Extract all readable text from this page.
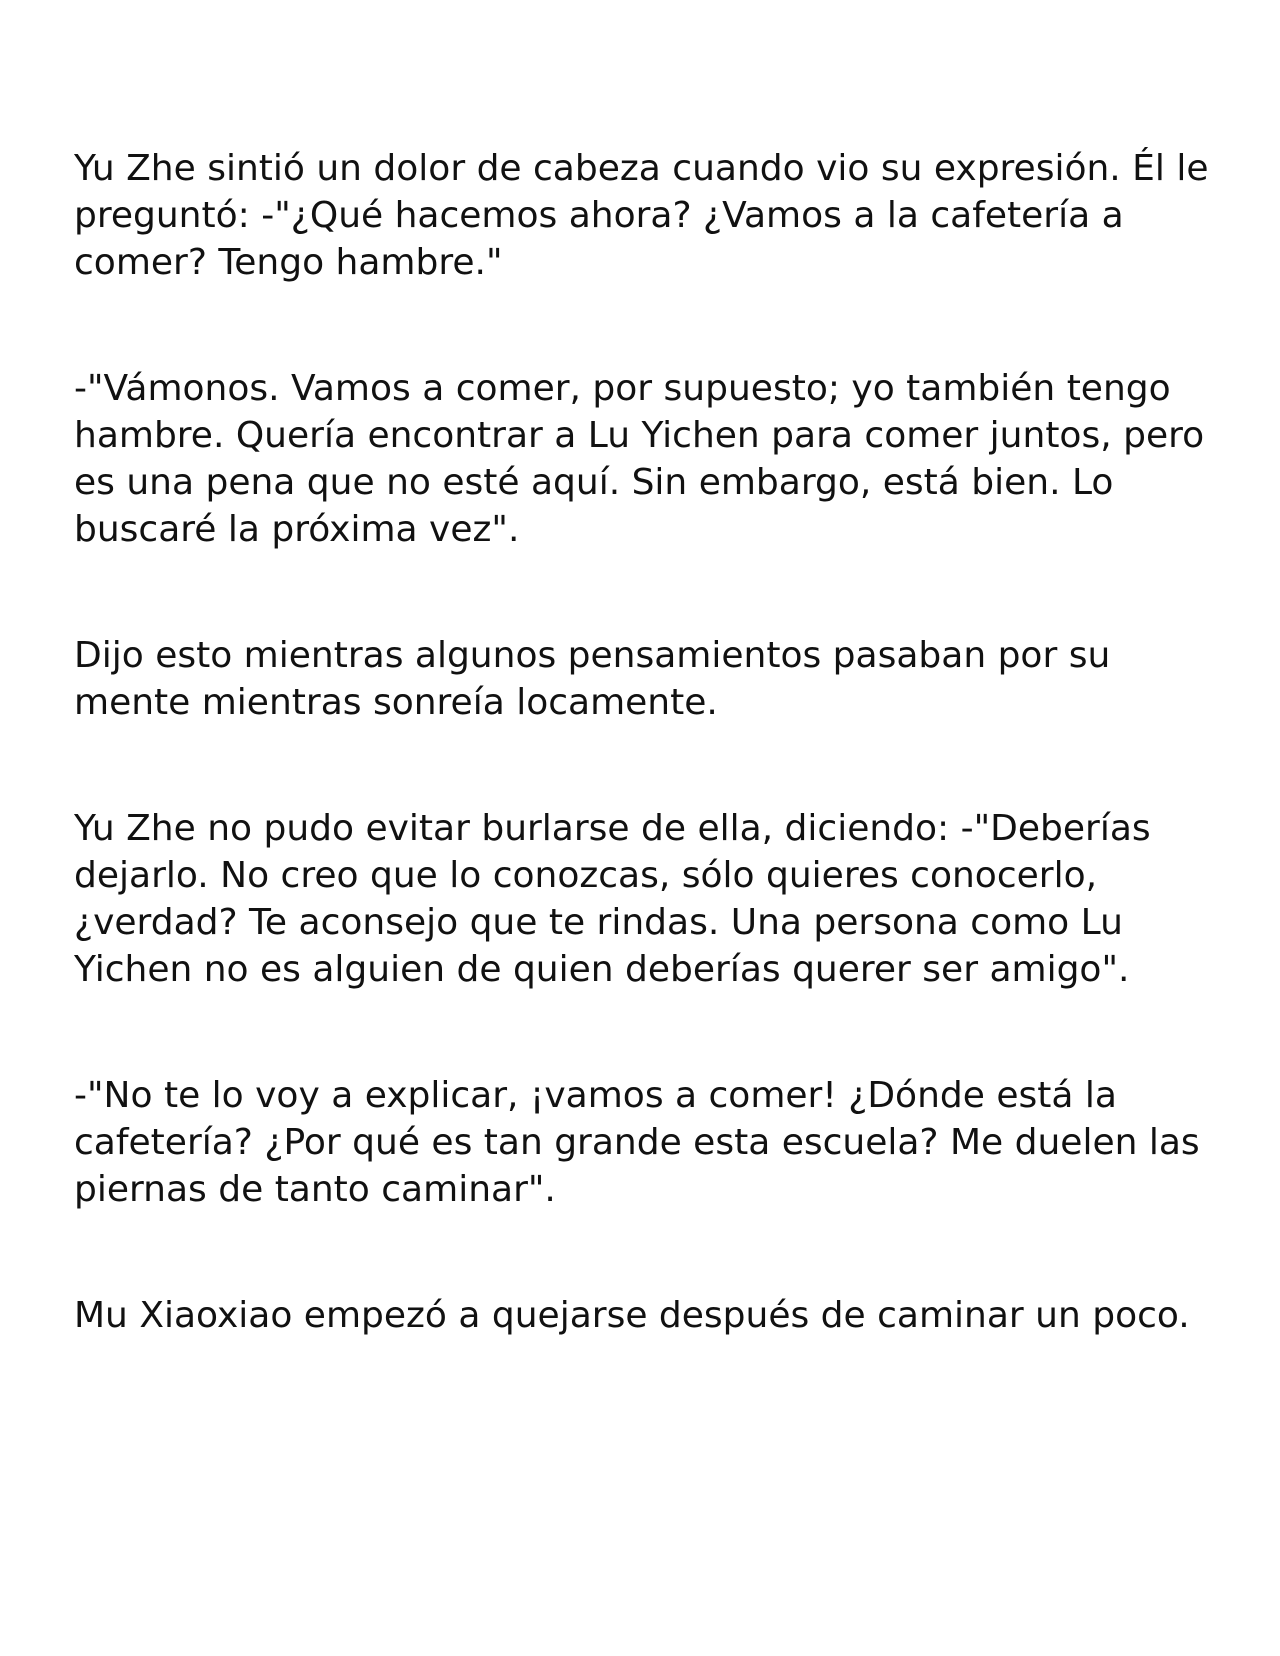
Yu Zhe sintió un dolor de cabeza cuando vio su expresión. Él le preguntó: -"¿Qué hacemos ahora? ¿Vamos a la cafetería a comer? Tengo hambre."

-"Vámonos. Vamos a comer, por supuesto; yo también tengo hambre. Quería encontrar a Lu Yichen para comer juntos, pero es una pena que no esté aquí. Sin embargo, está bien. Lo buscaré la próxima vez".

Dijo esto mientras algunos pensamientos pasaban por su mente mientras sonreía locamente.

Yu Zhe no pudo evitar burlarse de ella, diciendo: -"Deberías dejarlo. No creo que lo conozcas, sólo quieres conocerlo, ¿verdad? Te aconsejo que te rindas. Una persona como Lu Yichen no es alguien de quien deberías querer ser amigo".

-"No te lo voy a explicar, ¡vamos a comer! ¿Dónde está la cafetería? ¿Por qué es tan grande esta escuela? Me duelen las piernas de tanto caminar".

Mu Xiaoxiao empezó a quejarse después de caminar un poco.
